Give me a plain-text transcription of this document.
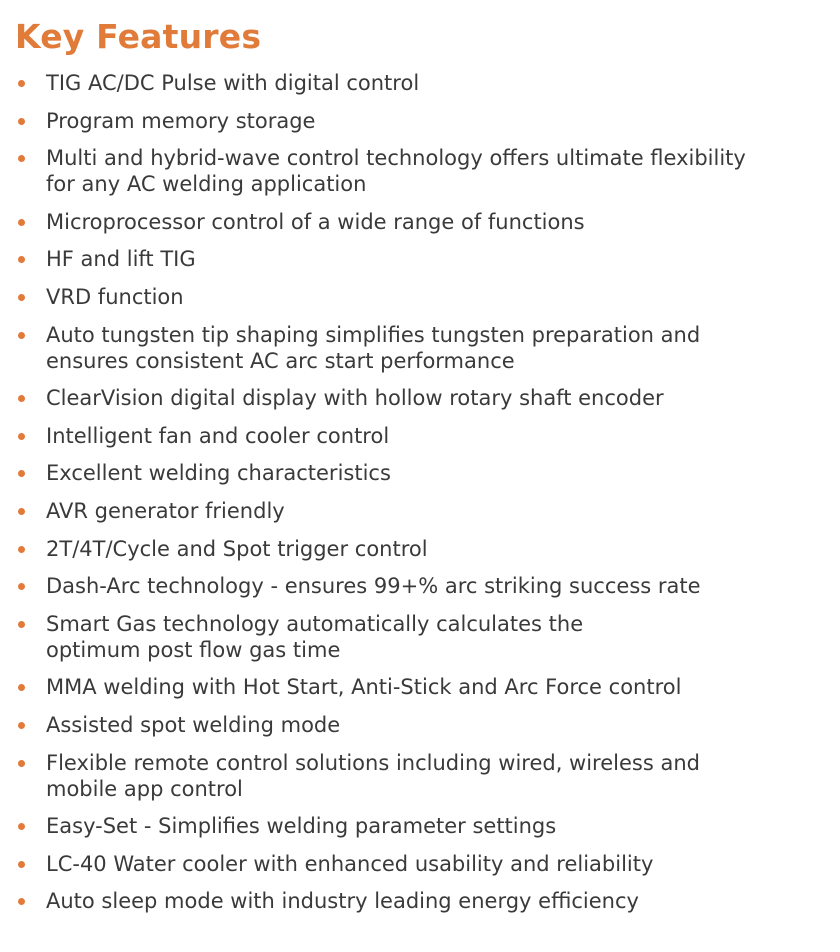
Key Features
TIG AC/DC Pulse with digital control
Program memory storage
Multi and hybrid-wave control technology offers ultimate flexibility
for any AC welding application
Microprocessor control of a wide range of functions
HF and lift TIG
VRD function
Auto tungsten tip shaping simplifies tungsten preparation and
ensures consistent AC arc start performance
ClearVision digital display with hollow rotary shaft encoder
Intelligent fan and cooler control
Excellent welding characteristics
AVR generator friendly
2T/4T/Cycle and Spot trigger control
Dash-Arc technology - ensures 99+% arc striking success rate
Smart Gas technology automatically calculates the
optimum post flow gas time
MMA welding with Hot Start, Anti-Stick and Arc Force control
Assisted spot welding mode
Flexible remote control solutions including wired, wireless and
mobile app control
Easy-Set - Simplifies welding parameter settings
LC-40 Water cooler with enhanced usability and reliability
Auto sleep mode with industry leading energy efficiency
